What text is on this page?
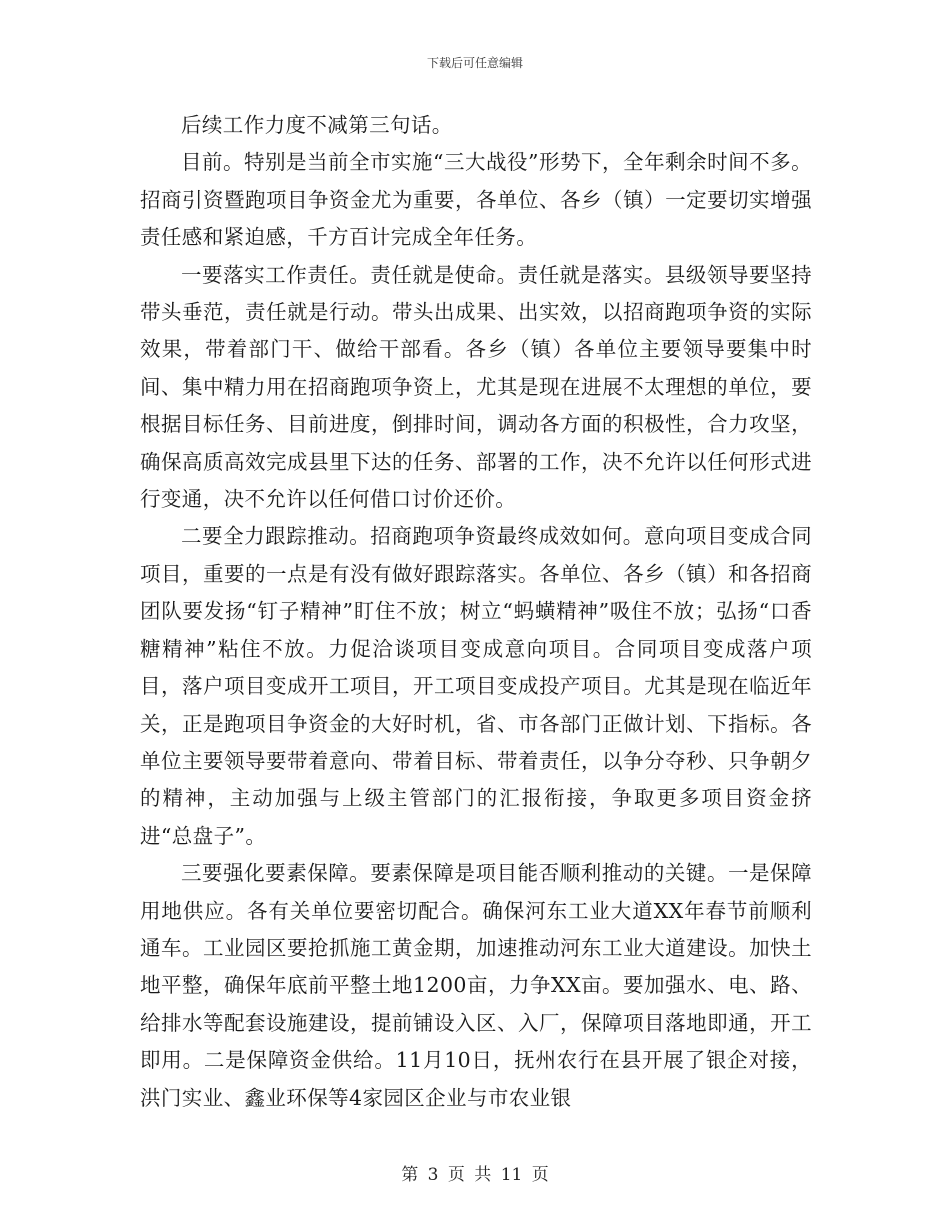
下载后可任意编辑

后续工作力度不减第三句话。

目前。特别是当前全市实施“三大战役”形势下，全年剩余时间不多。招商引资暨跑项目争资金尤为重要，各单位、各乡（镇）一定要切实增强责任感和紧迫感，千方百计完成全年任务。

一要落实工作责任。责任就是使命。责任就是落实。县级领导要坚持带头垂范，责任就是行动。带头出成果、出实效，以招商跑项争资的实际效果，带着部门干、做给干部看。各乡（镇）各单位主要领导要集中时间、集中精力用在招商跑项争资上，尤其是现在进展不太理想的单位，要根据目标任务、目前进度，倒排时间，调动各方面的积极性，合力攻坚，确保高质高效完成县里下达的任务、部署的工作，决不允许以任何形式进行变通，决不允许以任何借口讨价还价。

二要全力跟踪推动。招商跑项争资最终成效如何。意向项目变成合同项目，重要的一点是有没有做好跟踪落实。各单位、各乡（镇）和各招商团队要发扬“钉子精神”盯住不放；树立“蚂蟥精神”吸住不放；弘扬“口香糖精神”粘住不放。力促洽谈项目变成意向项目。合同项目变成落户项目，落户项目变成开工项目，开工项目变成投产项目。尤其是现在临近年关，正是跑项目争资金的大好时机，省、市各部门正做计划、下指标。各单位主要领导要带着意向、带着目标、带着责任，以争分夺秒、只争朝夕的精神，主动加强与上级主管部门的汇报衔接，争取更多项目资金挤进“总盘子”。

三要强化要素保障。要素保障是项目能否顺利推动的关键。一是保障用地供应。各有关单位要密切配合。确保河东工业大道XX年春节前顺利通车。工业园区要抢抓施工黄金期，加速推动河东工业大道建设。加快土地平整，确保年底前平整土地1200亩，力争XX亩。要加强水、电、路、给排水等配套设施建设，提前铺设入区、入厂，保障项目落地即通，开工即用。二是保障资金供给。11月10日，抚州农行在县开展了银企对接，洪门实业、鑫业环保等4家园区企业与市农业银

第 3 页 共 11 页
